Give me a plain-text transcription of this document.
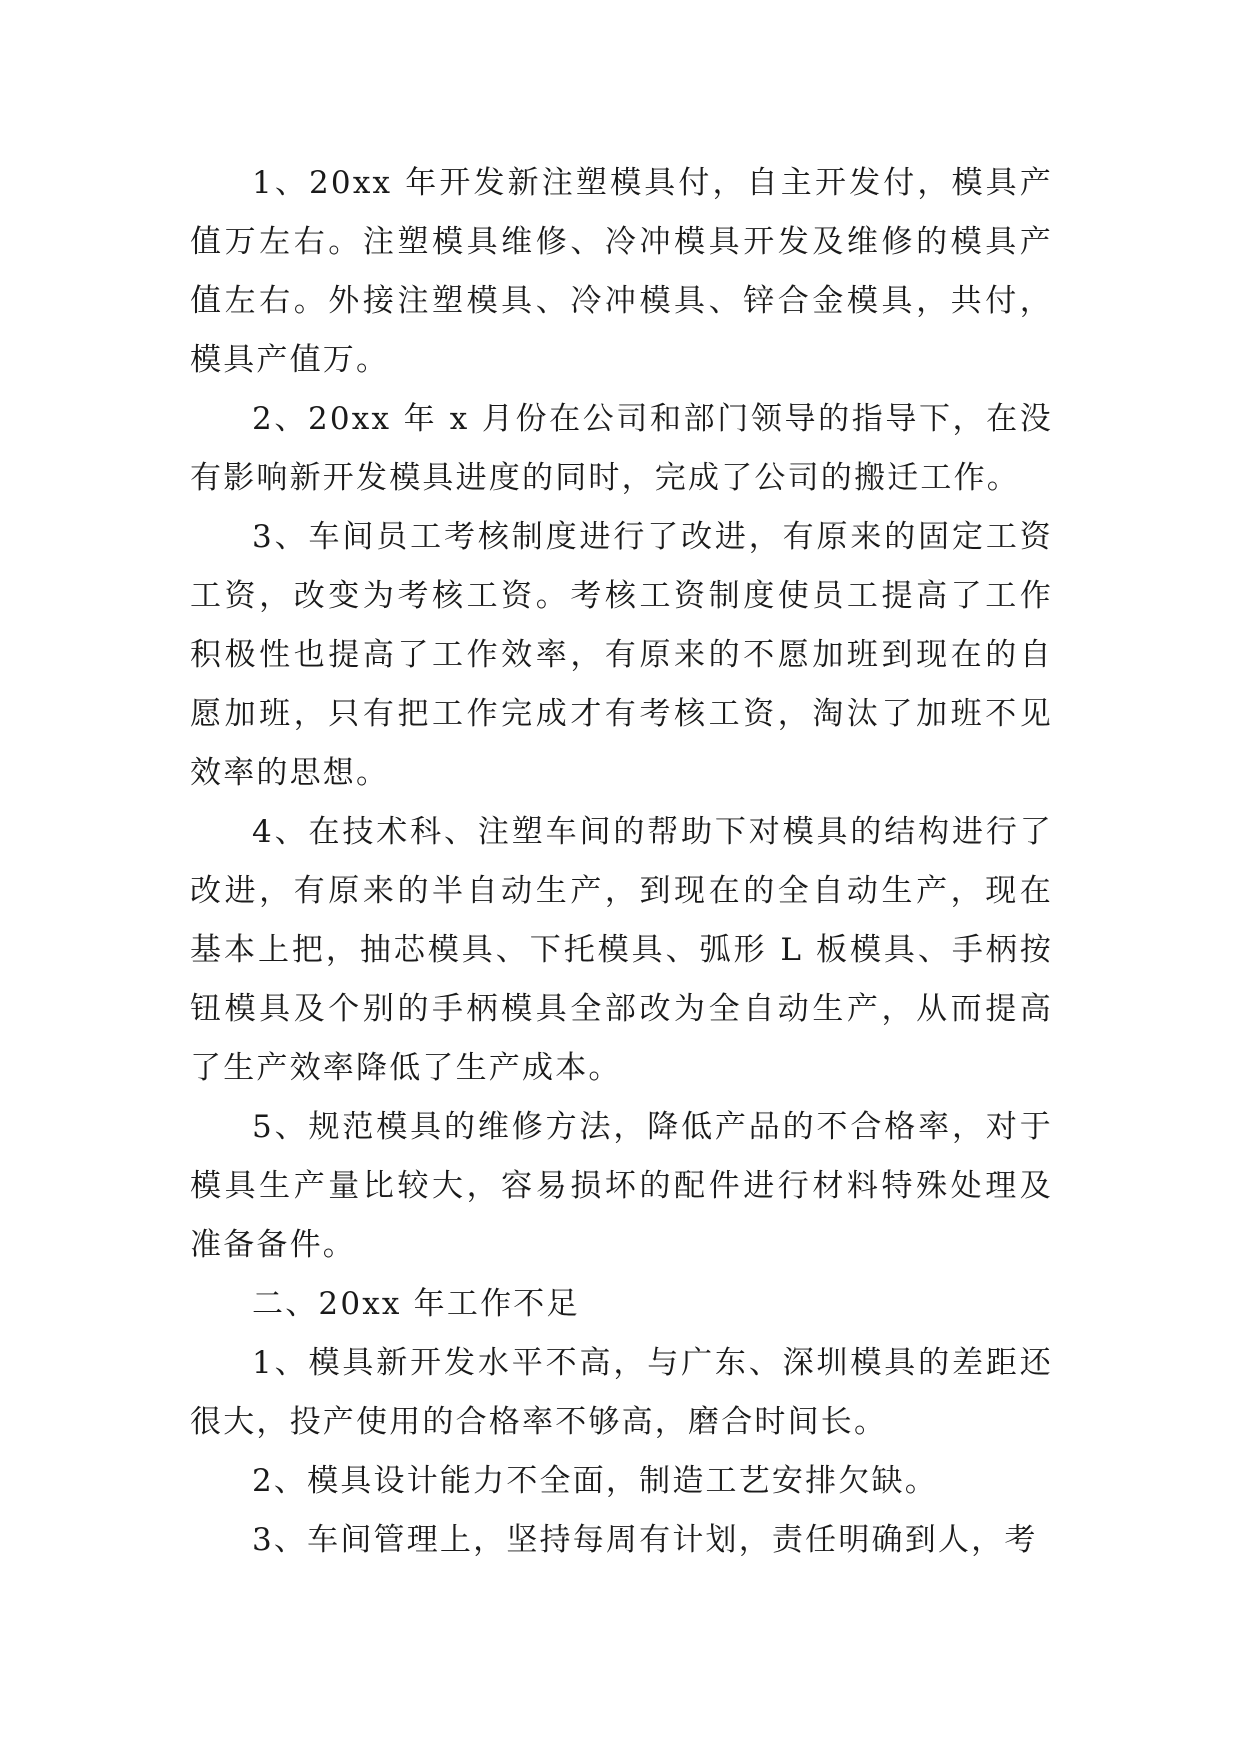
1、20xx 年开发新注塑模具付，自主开发付，模具产值万左右。注塑模具维修、冷冲模具开发及维修的模具产值左右。外接注塑模具、冷冲模具、锌合金模具，共付，模具产值万。

2、20xx 年 x 月份在公司和部门领导的指导下，在没有影响新开发模具进度的同时，完成了公司的搬迁工作。

3、车间员工考核制度进行了改进，有原来的固定工资工资，改变为考核工资。考核工资制度使员工提高了工作积极性也提高了工作效率，有原来的不愿加班到现在的自愿加班，只有把工作完成才有考核工资，淘汰了加班不见效率的思想。

4、在技术科、注塑车间的帮助下对模具的结构进行了改进，有原来的半自动生产，到现在的全自动生产，现在基本上把，抽芯模具、下托模具、弧形 L 板模具、手柄按钮模具及个别的手柄模具全部改为全自动生产，从而提高了生产效率降低了生产成本。

5、规范模具的维修方法，降低产品的不合格率，对于模具生产量比较大，容易损坏的配件进行材料特殊处理及准备备件。

二、20xx 年工作不足

1、模具新开发水平不高，与广东、深圳模具的差距还很大，投产使用的合格率不够高，磨合时间长。

2、模具设计能力不全面，制造工艺安排欠缺。

3、车间管理上，坚持每周有计划，责任明确到人，考
